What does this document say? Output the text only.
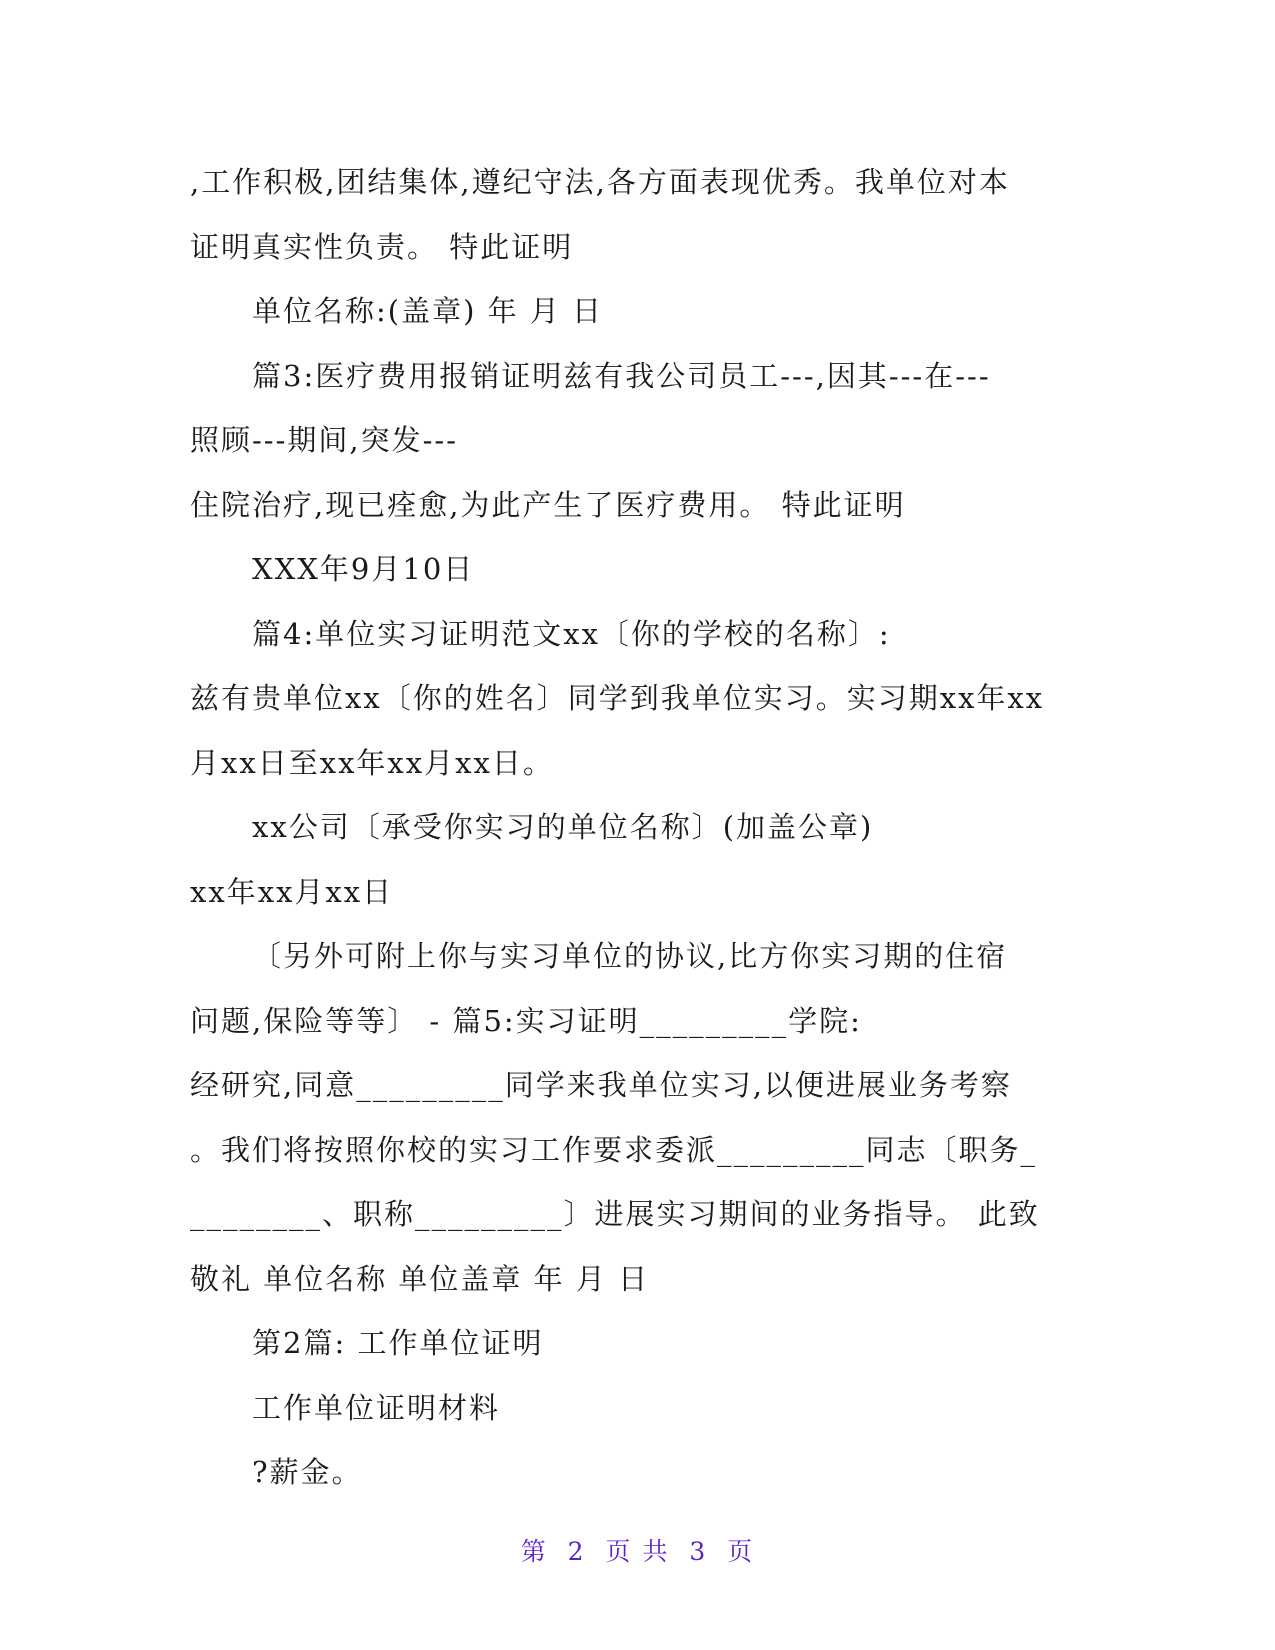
,工作积极,团结集体,遵纪守法,各方面表现优秀。我单位对本
证明真实性负责。 特此证明
单位名称:(盖章) 年 月 日
篇3:医疗费用报销证明兹有我公司员工---,因其---在---
照顾---期间,突发---
住院治疗,现已痊愈,为此产生了医疗费用。 特此证明
XXX年9月10日
篇4:单位实习证明范文xx〔你的学校的名称〕:
兹有贵单位xx〔你的姓名〕同学到我单位实习。实习期xx年xx
月xx日至xx年xx月xx日。
xx公司〔承受你实习的单位名称〕(加盖公章)
xx年xx月xx日
〔另外可附上你与实习单位的协议,比方你实习期的住宿
问题,保险等等〕 - 篇5:实习证明_________学院:
经研究,同意_________同学来我单位实习,以便进展业务考察
。我们将按照你校的实习工作要求委派_________同志〔职务_
________、职称_________〕进展实习期间的业务指导。 此致
敬礼 单位名称 单位盖章 年 月 日
第2篇: 工作单位证明
工作单位证明材料
?薪金。
第 2 页 共 3 页
